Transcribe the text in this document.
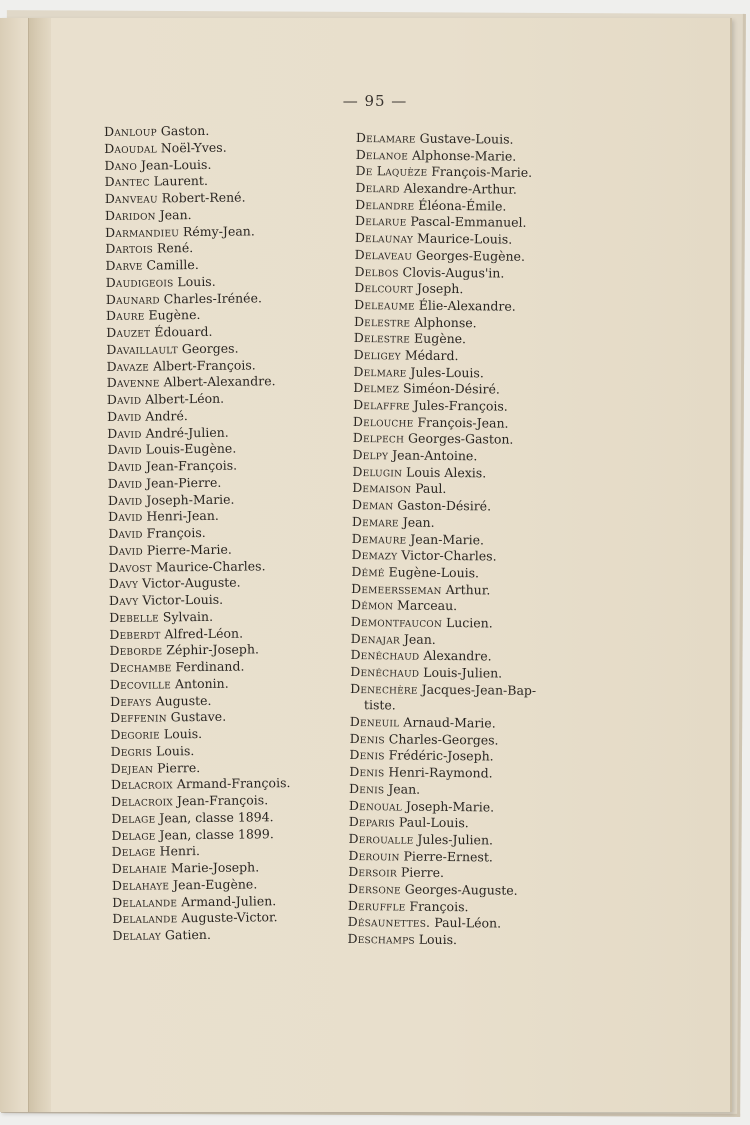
— 95 —
Danloup Gaston.
Daoudal Noël-Yves.
Dano Jean-Louis.
Dantec Laurent.
Danveau Robert-René.
Daridon Jean.
Darmandieu Rémy-Jean.
Dartois René.
Darve Camille.
Daudigeois Louis.
Daunard Charles-Irénée.
Daure Eugène.
Dauzet Édouard.
Davaillault Georges.
Davaze Albert-François.
Davenne Albert-Alexandre.
David Albert-Léon.
David André.
David André-Julien.
David Louis-Eugène.
David Jean-François.
David Jean-Pierre.
David Joseph-Marie.
David Henri-Jean.
David François.
David Pierre-Marie.
Davost Maurice-Charles.
Davy Victor-Auguste.
Davy Victor-Louis.
Debelle Sylvain.
Deberdt Alfred-Léon.
Deborde Zéphir-Joseph.
Dechambe Ferdinand.
Decoville Antonin.
Defays Auguste.
Deffenin Gustave.
Degorie Louis.
Degris Louis.
Dejean Pierre.
Delacroix Armand-François.
Delacroix Jean-François.
Delage Jean, classe 1894.
Delage Jean, classe 1899.
Delage Henri.
Delahaie Marie-Joseph.
Delahaye Jean-Eugène.
Delalande Armand-Julien.
Delalande Auguste-Victor.
Delalay Gatien.
Delamare Gustave-Louis.
Delanoe Alphonse-Marie.
De Laquèze François-Marie.
Delard Alexandre-Arthur.
Delandre Éléona-Émile.
Delarue Pascal-Emmanuel.
Delaunay Maurice-Louis.
Delaveau Georges-Eugène.
Delbos Clovis-Augus'in.
Delcourt Joseph.
Deleaume Élie-Alexandre.
Delestre Alphonse.
Delestre Eugène.
Deligey Médard.
Delmare Jules-Louis.
Delmez Siméon-Désiré.
Delaffre Jules-François.
Delouche François-Jean.
Delpech Georges-Gaston.
Delpy Jean-Antoine.
Delugin Louis Alexis.
Demaison Paul.
Deman Gaston-Désiré.
Demare Jean.
Demaure Jean-Marie.
Demazy Victor-Charles.
Démé Eugène-Louis.
Demeersseman Arthur.
Démon Marceau.
Demontfaucon Lucien.
Denajar Jean.
Denéchaud Alexandre.
Denéchaud Louis-Julien.
Denechère Jacques-Jean-Bap-
tiste.
Deneuil Arnaud-Marie.
Denis Charles-Georges.
Denis Frédéric-Joseph.
Denis Henri-Raymond.
Denis Jean.
Denoual Joseph-Marie.
Deparis Paul-Louis.
Deroualle Jules-Julien.
Derouin Pierre-Ernest.
Dersoir Pierre.
Dersone Georges-Auguste.
Deruffle François.
Désaunettes. Paul-Léon.
Deschamps Louis.
